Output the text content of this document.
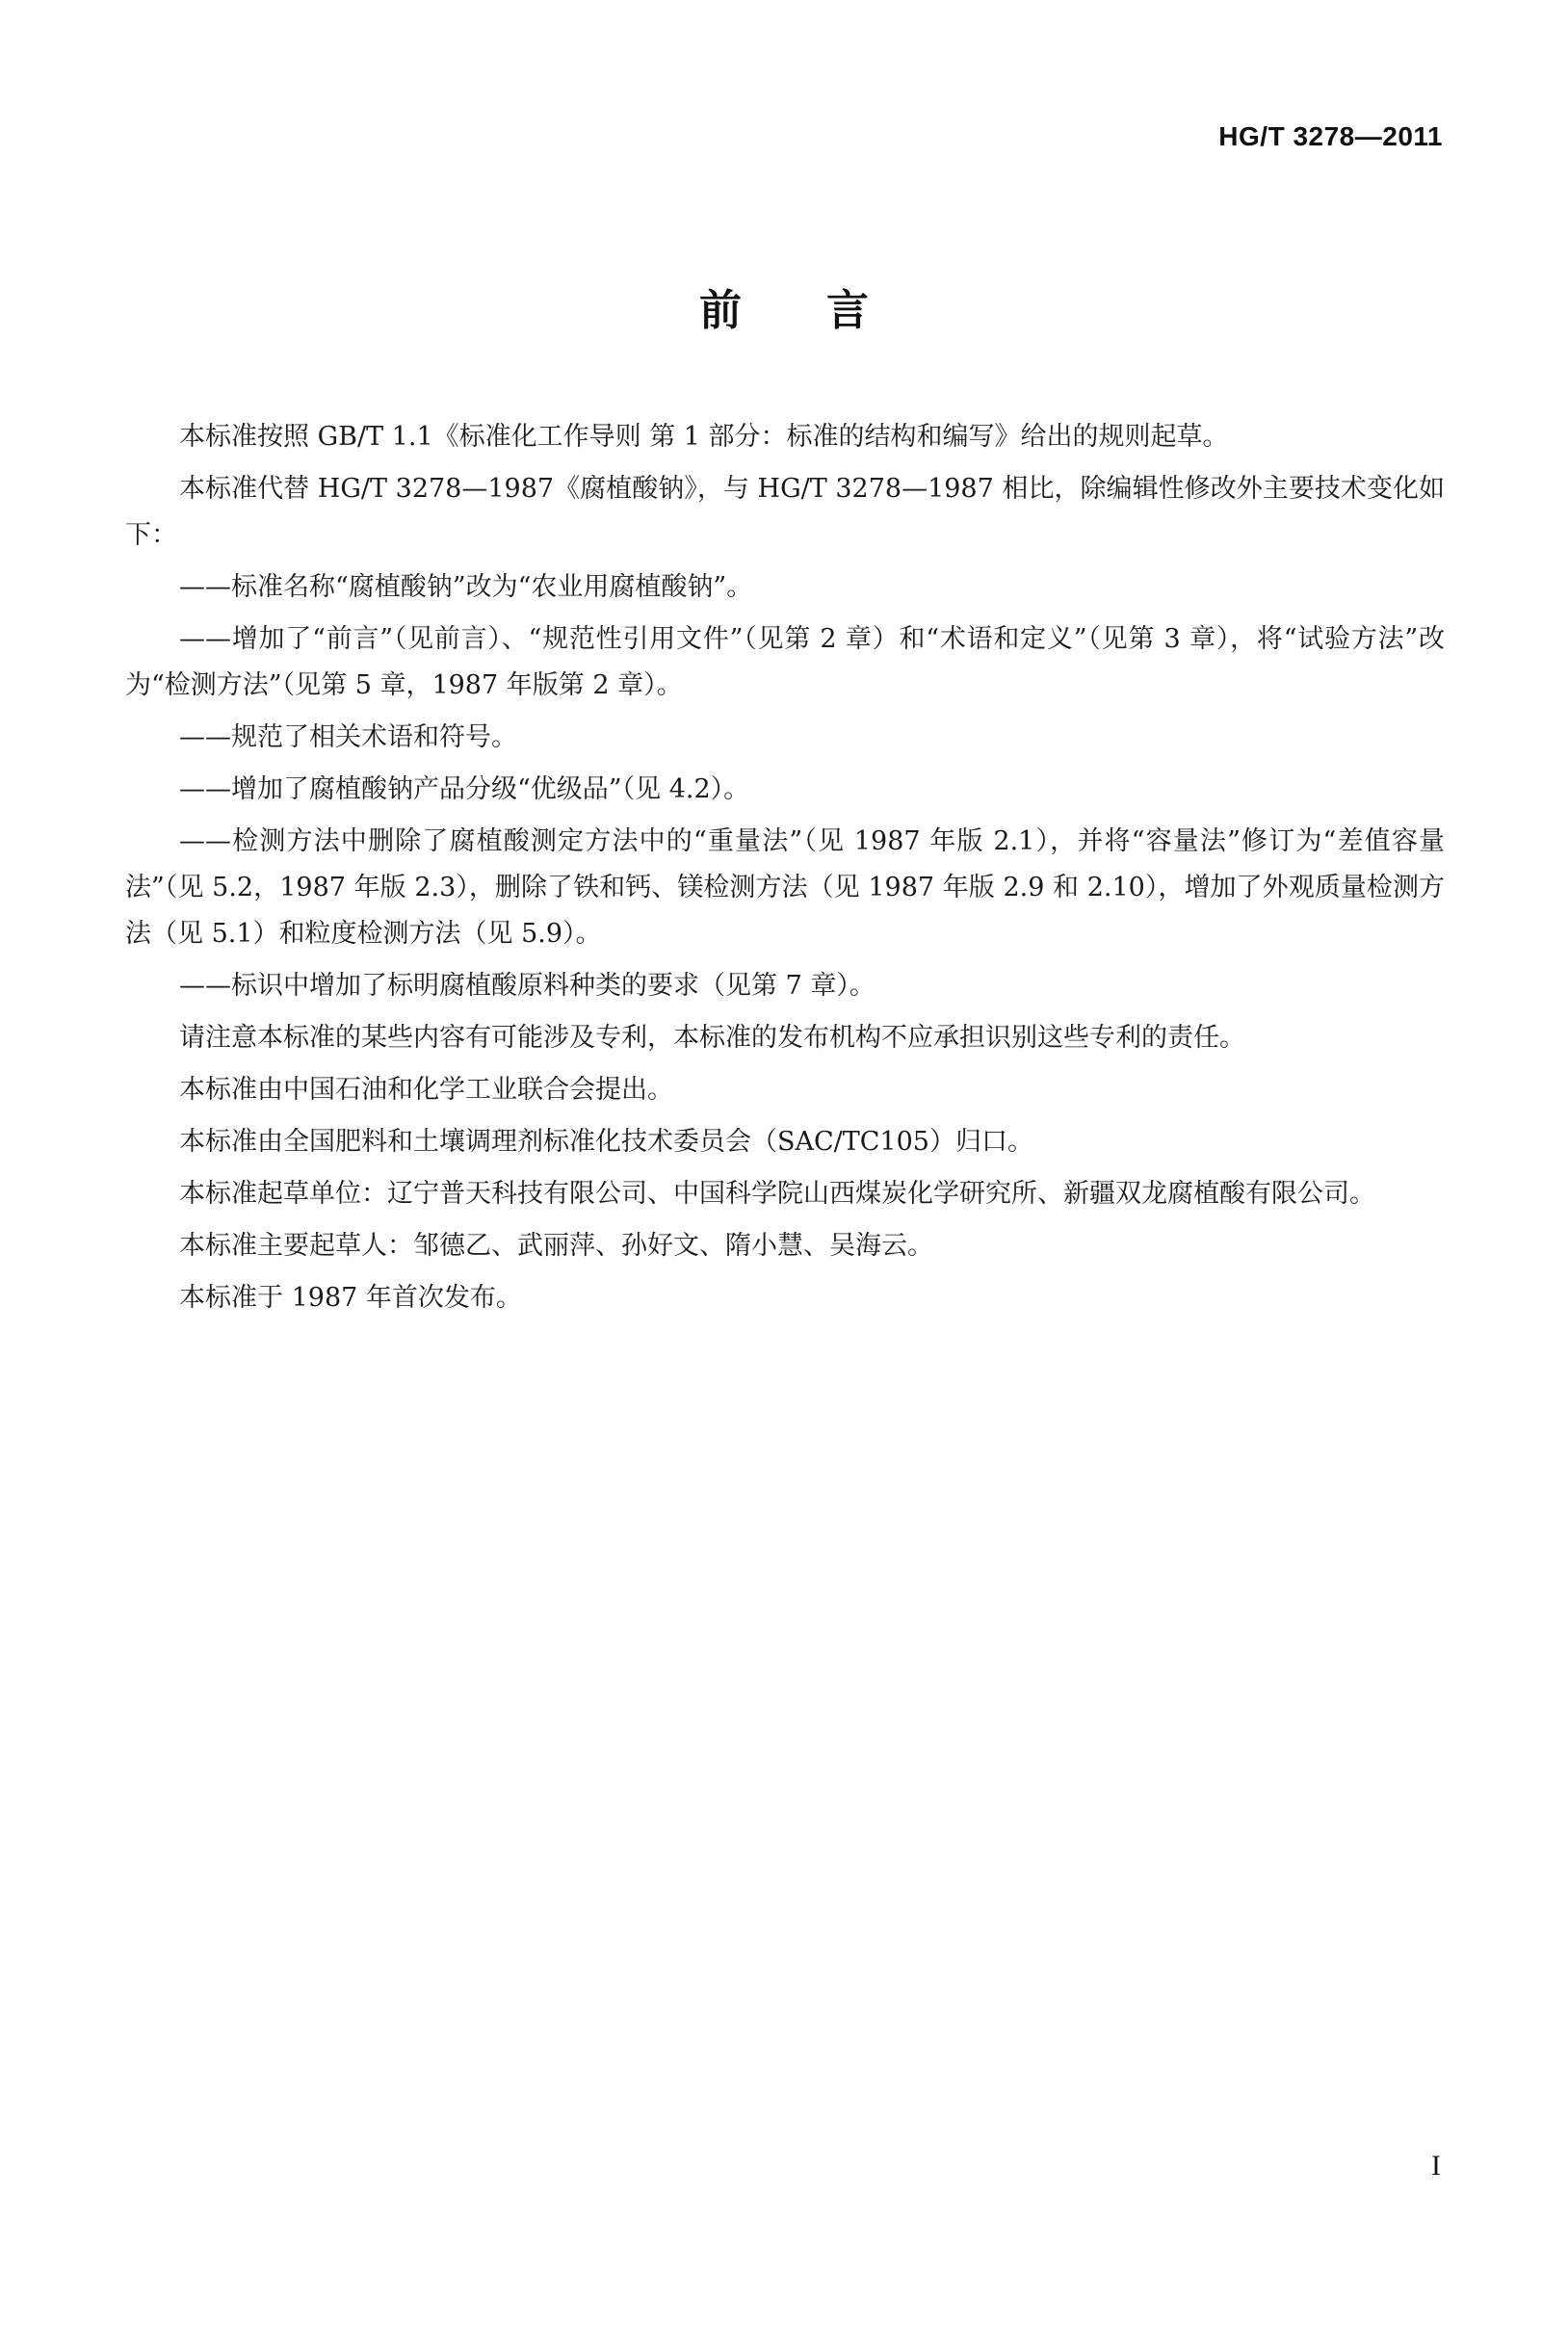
HG/T 3278—2011
前言

本标准按照 GB/T 1.1《标准化工作导则 第 1 部分：标准的结构和编写》给出的规则起草。

本标准代替 HG/T 3278—1987《腐植酸钠》，与 HG/T 3278—1987 相比，除编辑性修改外主要技术变化如下：

——标准名称“腐植酸钠”改为“农业用腐植酸钠”。

——增加了“前言”（见前言）、“规范性引用文件”（见第 2 章）和“术语和定义”（见第 3 章），将“试验方法”改为“检测方法”（见第 5 章，1987 年版第 2 章）。

——规范了相关术语和符号。

——增加了腐植酸钠产品分级“优级品”（见 4.2）。

——检测方法中删除了腐植酸测定方法中的“重量法”（见 1987 年版 2.1），并将“容量法”修订为“差值容量法”（见 5.2，1987 年版 2.3），删除了铁和钙、镁检测方法（见 1987 年版 2.9 和 2.10），增加了外观质量检测方法（见 5.1）和粒度检测方法（见 5.9）。

——标识中增加了标明腐植酸原料种类的要求（见第 7 章）。

请注意本标准的某些内容有可能涉及专利，本标准的发布机构不应承担识别这些专利的责任。

本标准由中国石油和化学工业联合会提出。

本标准由全国肥料和土壤调理剂标准化技术委员会（SAC/TC105）归口。

本标准起草单位：辽宁普天科技有限公司、中国科学院山西煤炭化学研究所、新疆双龙腐植酸有限公司。

本标准主要起草人：邹德乙、武丽萍、孙好文、隋小慧、吴海云。

本标准于 1987 年首次发布。

I
